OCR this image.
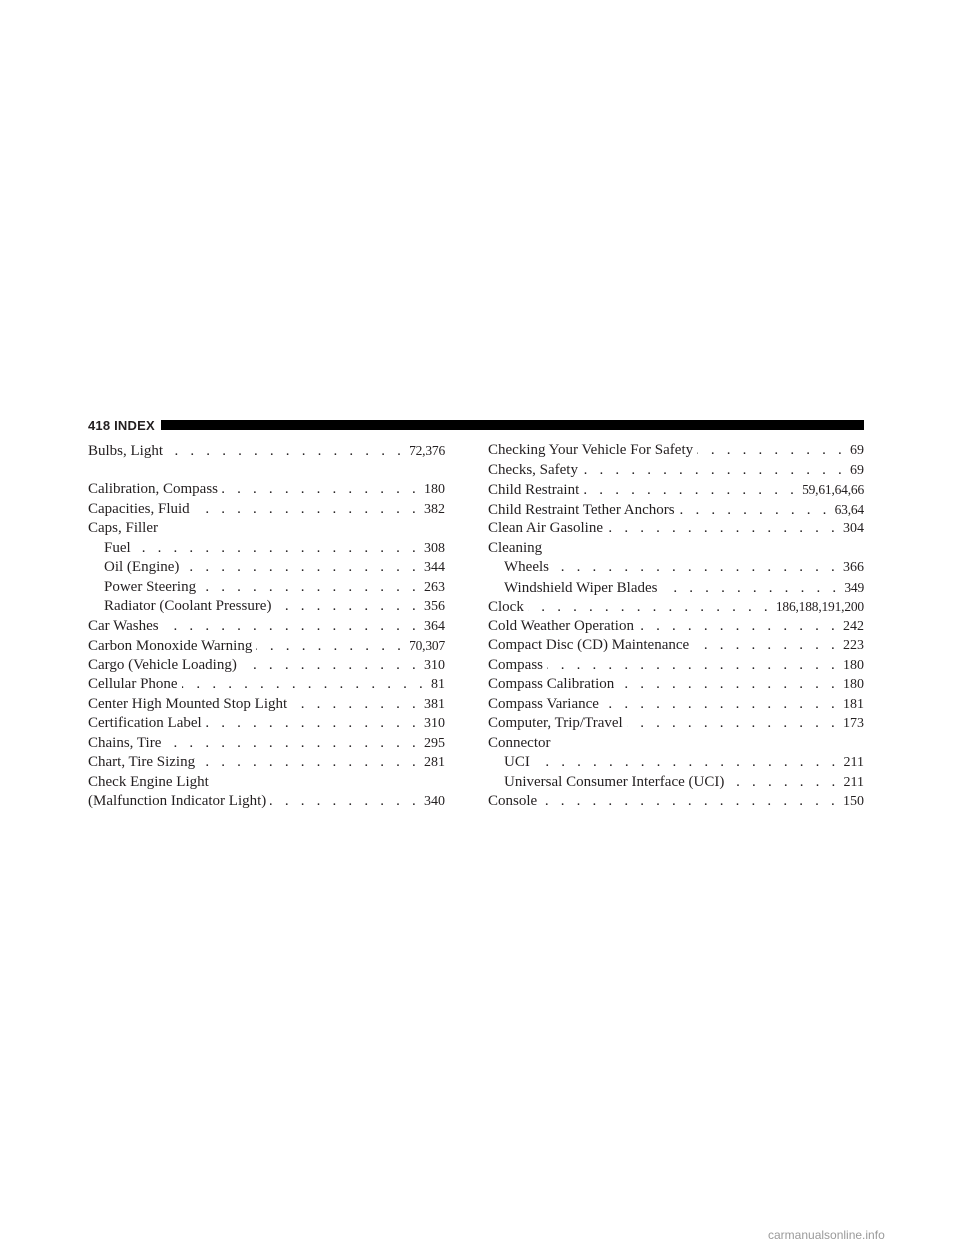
418 INDEX
Bulbs, Light . . .	72,376
Calibration, Compass . . .	180
Capacities, Fluid . . .	382
Caps, Filler
Fuel . . .	308
Oil (Engine) . . .	344
Power Steering . . .	263
Radiator (Coolant Pressure) . . .	356
Car Washes . . .	364
Carbon Monoxide Warning . . .	70,307
Cargo (Vehicle Loading) . . .	310
Cellular Phone . . .	81
Center High Mounted Stop Light . . .	381
Certification Label . . .	310
Chains, Tire . . .	295
Chart, Tire Sizing . . .	281
Check Engine Light
(Malfunction Indicator Light) . . .	340
Checking Your Vehicle For Safety . . .	69
Checks, Safety . . .	69
Child Restraint . . .	59,61,64,66
Child Restraint Tether Anchors . . .	63,64
Clean Air Gasoline . . .	304
Cleaning
Wheels . . .	366
Windshield Wiper Blades . . .	349
Clock . . .	186,188,191,200
Cold Weather Operation . . .	242
Compact Disc (CD) Maintenance . . .	223
Compass . . .	180
Compass Calibration . . .	180
Compass Variance . . .	181
Computer, Trip/Travel . . .	173
Connector
UCI . . .	211
Universal Consumer Interface (UCI) . . .	211
Console . . .	150
carmanualsonline.info
